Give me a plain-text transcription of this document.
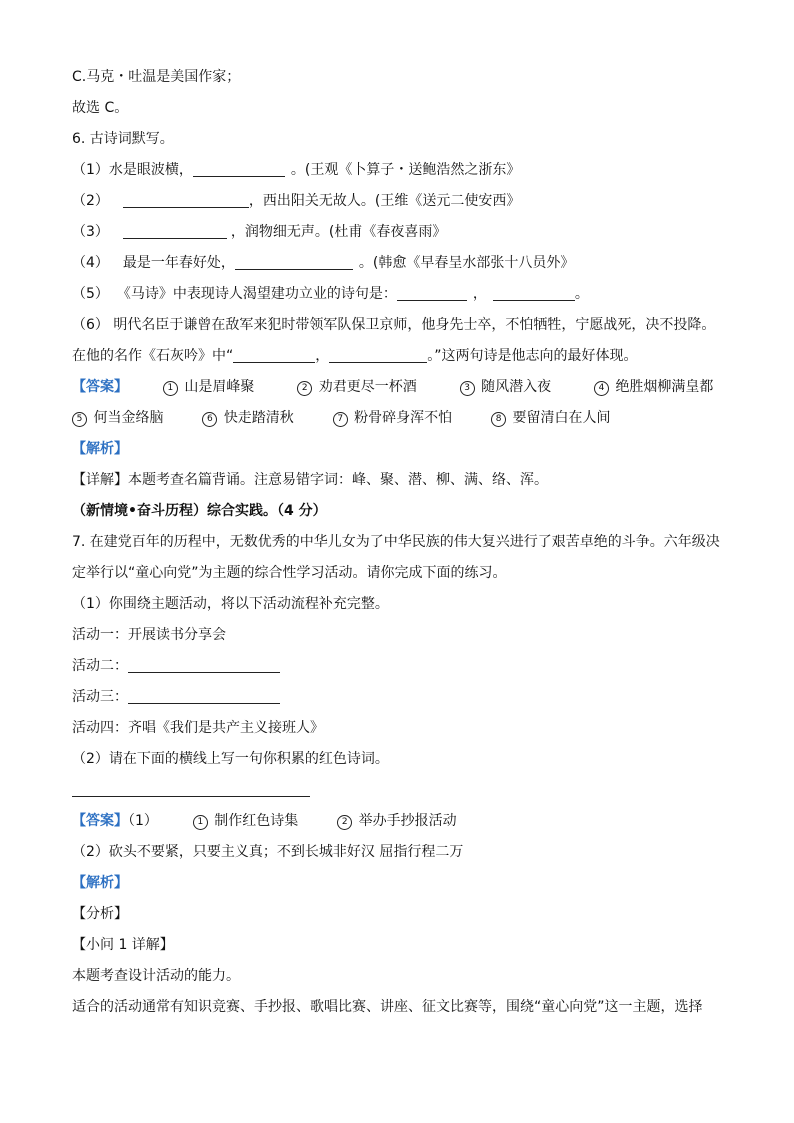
C.马克・吐温是美国作家；
故选 C。
6. 古诗词默写。
（1）水是眼波横，	。(王观《卜算子・送鲍浩然之浙东》
（2）	，西出阳关无故人。(王维《送元二使安西》
（3）	，润物细无声。(杜甫《春夜喜雨》
（4） 最是一年春好处，	。(韩愈《早春呈水部张十八员外》
（5） 《马诗》中表现诗人渴望建功立业的诗句是：	，	。
（6） 明代名臣于谦曾在敌军来犯时带领军队保卫京师，他身先士卒，不怕牺牲，宁愿战死，决不投降。
在他的名作《石灰吟》中“	，	。”这两句诗是他志向的最好体现。
【答案】	1 山是眉峰聚	2 劝君更尽一杯酒	3 随风潜入夜	4 绝胜烟柳满皇都
5 何当金络脑	6 快走踏清秋	7 粉骨碎身浑不怕	8 要留清白在人间
【解析】
【详解】本题考查名篇背诵。注意易错字词：峰、聚、潜、柳、满、络、浑。
（新情境•奋斗历程）综合实践。（4 分）
7. 在建党百年的历程中，无数优秀的中华儿女为了中华民族的伟大复兴进行了艰苦卓绝的斗争。六年级决
定举行以“童心向党”为主题的综合性学习活动。请你完成下面的练习。
（1）你围绕主题活动，将以下活动流程补充完整。
活动一：开展读书分享会
活动二：
活动三：
活动四：齐唱《我们是共产主义接班人》
（2）请在下面的横线上写一句你积累的红色诗词。
【答案】（1）	1 制作红色诗集	2 举办手抄报活动
（2）砍头不要紧，只要主义真；不到长城非好汉 屈指行程二万
【解析】
【分析】
【小问 1 详解】
本题考查设计活动的能力。
适合的活动通常有知识竞赛、手抄报、歌唱比赛、讲座、征文比赛等，围绕“童心向党”这一主题，选择
